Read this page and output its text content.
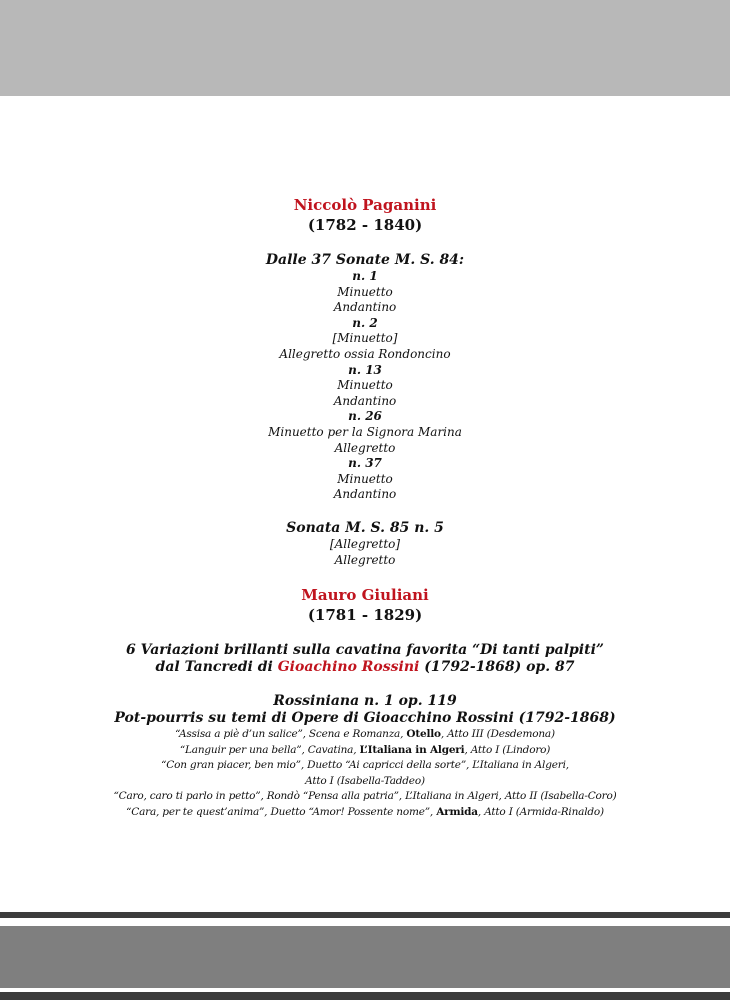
Niccolò Paganini
(1782 - 1840)
Dalle 37 Sonate M. S. 84:
n. 1
Minuetto
Andantino
n. 2
[Minuetto]
Allegretto ossia Rondoncino
n. 13
Minuetto
Andantino
n. 26
Minuetto per la Signora Marina
Allegretto
n. 37
Minuetto
Andantino
Sonata M. S. 85 n. 5
[Allegretto]
Allegretto
Mauro Giuliani
(1781 - 1829)
6 Variazioni brillanti sulla cavatina favorita “Di tanti palpiti”
dal Tancredi di Gioachino Rossini (1792-1868) op. 87
Rossiniana n. 1 op. 119
Pot-pourris su temi di Opere di Gioacchino Rossini (1792-1868)
“Assisa a piè d’un salice”, Scena e Romanza, Otello, Atto III (Desdemona)
“Languir per una bella”, Cavatina, L’Italiana in Algeri, Atto I (Lindoro)
“Con gran piacer, ben mio”, Duetto “Ai capricci della sorte”, L’Italiana in Algeri,
Atto I (Isabella-Taddeo)
“Caro, caro ti parlo in petto”, Rondò “Pensa alla patria”, L’Italiana in Algeri, Atto II (Isabella-Coro)
“Cara, per te quest’anima”, Duetto “Amor! Possente nome”, Armida, Atto I (Armida-Rinaldo)
